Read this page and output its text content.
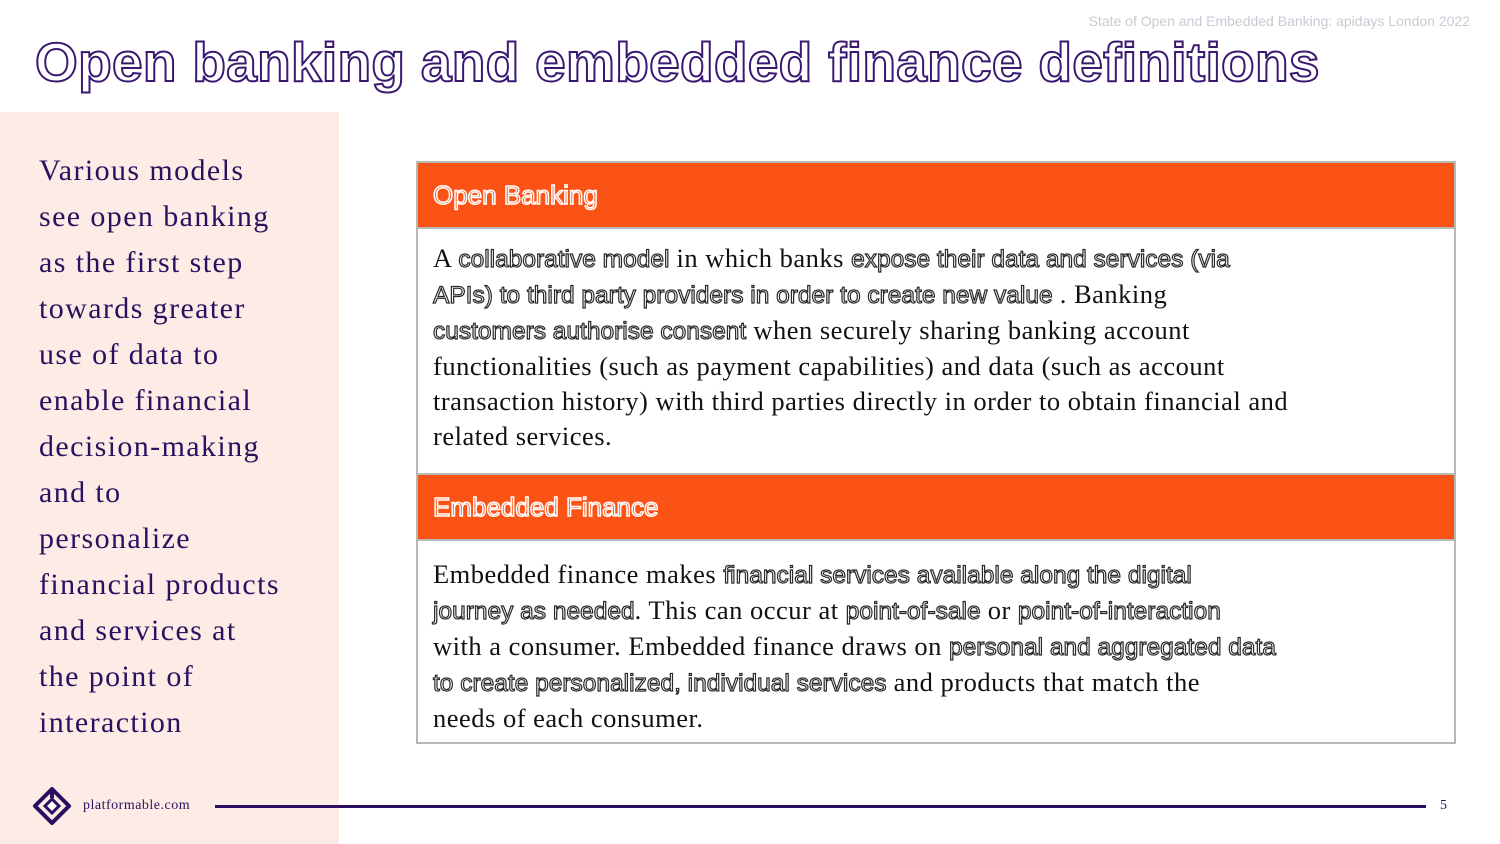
State of Open and Embedded Banking: apidays London 2022
Open banking and embedded finance definitions
Various models
see open banking
as the first step
towards greater
use of data to
enable financial
decision-making
and to
personalize
financial products
and services at
the point of
interaction
Open Banking
A collaborative model in which banks expose their data and services (via
APIs) to third party providers in order to create new value . Banking
customers authorise consent when securely sharing banking account
functionalities (such as payment capabilities) and data (such as account
transaction history) with third parties directly in order to obtain financial and
related services.
Embedded Finance
Embedded finance makes financial services available along the digital
journey as needed. This can occur at point-of-sale or point-of-interaction
with a consumer. Embedded finance draws on personal and aggregated data
to create personalized, individual services and products that match the
needs of each consumer.
platformable.com	5
